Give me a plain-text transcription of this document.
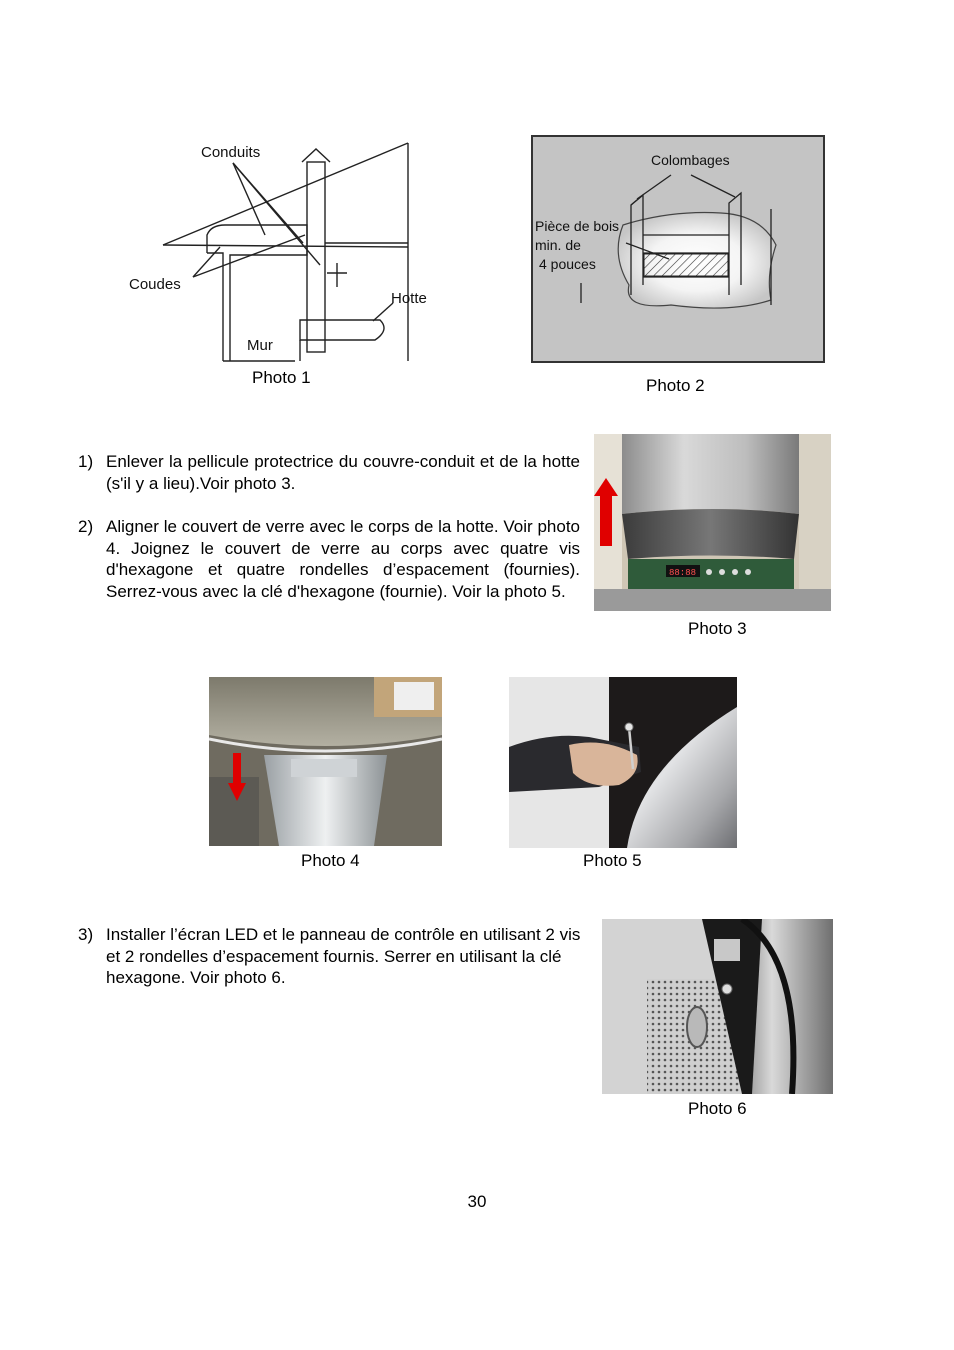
Conduits
Coudes
Hotte
Mur
Photo 1
Colombages
Pièce de bois
min. de
4 pouces
Photo 2
1) Enlever la pellicule protectrice du couvre-conduit et de la hotte (s'il y a lieu).Voir photo 3.
2) Aligner le couvert de verre avec le corps de la hotte. Voir photo 4. Joignez le couvert de verre au corps avec quatre vis d'hexagone et quatre rondelles d’espacement (fournies). Serrez-vous avec la clé d'hexagone (fournie). Voir la photo 5.
88:88
Photo 3
Photo 4	Photo 5
3) Installer l’écran LED et le panneau de contrôle en utilisant 2 vis et 2 rondelles d’espacement fournis. Serrer en utilisant la clé hexagone. Voir photo 6.
Photo 6
30
